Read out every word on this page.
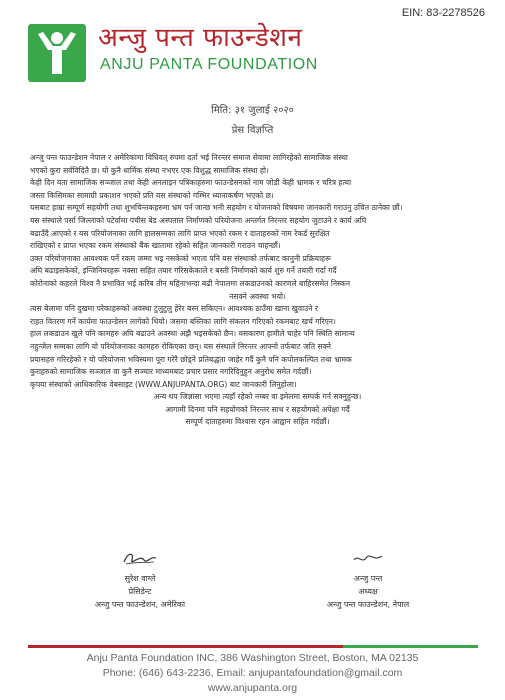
EIN: 83-2278526
अन्जु पन्त फाउन्डेशन
ANJU PANTA FOUNDATION
मिति: ३१ जुलाई २०२०
प्रेस विज्ञप्ति
अन्जु पन्त फाउन्डेशन नेपाल र अमेरिकामा विधिवत् रुपमा दर्ता भई निरन्तर समाज सेवामा लागिरहेको सामाजिक संस्था
भएको कुरा सर्वविदितै छ। यो कुनै धार्मिक संस्था नभएर एक विशुद्ध सामाजिक संस्था हो।
केही दिन यता सामाजिक सञ्जाल तथा केही अनलाइन पत्रिकाहरुमा फाउन्डेसनको नाम जोडी केही भ्रामक र चरित्र हत्या
जस्ता किसिमका सामाग्री प्रकाशन भएको प्रति यस संस्थाको गम्भिर ध्यानाकर्षण भएको छ।
यसबाट हाम्रा सम्पूर्ण सहयोगी तथा शुभचिन्तकहरुमा भ्रम पर्न जान्छ भनी सहयोग र योजनाको विषयमा जानकारी गराउनु उचित ठानेका छौं।
यस संस्थाले पर्सा जिल्लाको पटेर्वामा पचीस बेड अस्पताल निर्माणको परियोजना अन्तर्गत निरन्तर सहयोग जुटाउने र कार्य अघि
बढाउँदै आएको र यस परियोजनाका लागि हालसम्मका लागि प्राप्त भएको रकम र दाताहरुको नाम रेकर्ड सुरक्षित
राखिएको र प्राप्त भएका रकम संस्थाको बैंक खातामा रहेको सहित जानकारी गराउन चाहन्छौं।
उक्त परियोजनाका आवश्यक पर्ने रकम जम्मा भइ नसकेको भएता पनि यस संस्थाको तर्फबाट कानुनी प्रक्रियाहरू
अघि बढाइसकेको, इन्जिनियरहरू नक्सा सहित तयार गरिसकेकाले र बस्ती निर्माणको कार्य शुरु गर्ने तयारी गर्दा गर्दै
कोरोनाको कहरले विश्व नै प्रभावित भई करिब तीन महिनाभन्दा बढी नेपालमा लकडाउनको कारणले बाहिरसमेत निस्कन
नसक्ने अवस्था भयो।
त्यस बेलामा पनि दुखमा परेकाहरूको अवस्था टुलुटुलु हेरेर बस्न सकिएन। आवश्यक ठाउँमा खाना खुवाउने र
राहत वितरण गर्ने कार्यमा फाउन्डेसन लागेको थियो। जसमा बस्तिका लागि संकलन गरिएको रकमबाट खर्च गरिएन।
हाल लकडाउन खुले पनि कामहरु अघि बढाउने अवस्था अझै भइसकेको छैन। यसकारण हामीले चाहेर पनि स्थिति सामान्य
नहुन्जेल सम्मका लागि यो परियोजनाका कामहरु रोकिएका छन्। यस संस्थाले निरन्तर आफ्नो तर्फबाट जति सक्ने
प्रयासहरु गरिरहेको र यो परियोजना भविस्यमा पूरा गरेरै छोड्ने प्रतिबद्धता जाहेर गर्दै कुनै पनि कपोलकल्पित तथा भ्रामक
कुराहरुको सामाजिक सञ्जाल वा कुनै सञ्चार माध्यमबाट प्रचार प्रसार नगरिदिनुहुन अनुरोध समेत गर्दछौं।
कृपया संस्थाको आधिकारिक वेबसाइट (WWW.ANJUPANTA.ORG) बाट जानकारी लिनुहोला।
अन्य थप जिज्ञासा भएमा त्यहाँ रहेको नम्बर वा इमेलमा सम्पर्क गर्न सक्नुहुन्छ।
आगामी दिनमा पनि सहयोगको निरन्तर साथ र सहयोगको अपेक्षा गर्दै
सम्पूर्ण दाताहरुमा विश्वास रहन आह्वान सहित गर्दछौं।
सुरेश वाग्ले
प्रेसिडेन्ट
अन्जु पन्त फाउन्डेशन, अमेरिका
अन्जु पन्त
अध्यक्ष
अन्जु पन्त फाउन्डेशन, नेपाल
Anju Panta Foundation INC, 386 Washington Street, Boston, MA 02135
Phone: (646) 643-2236, Email: anjupantafoundation@gmail.com
www.anjupanta.org
